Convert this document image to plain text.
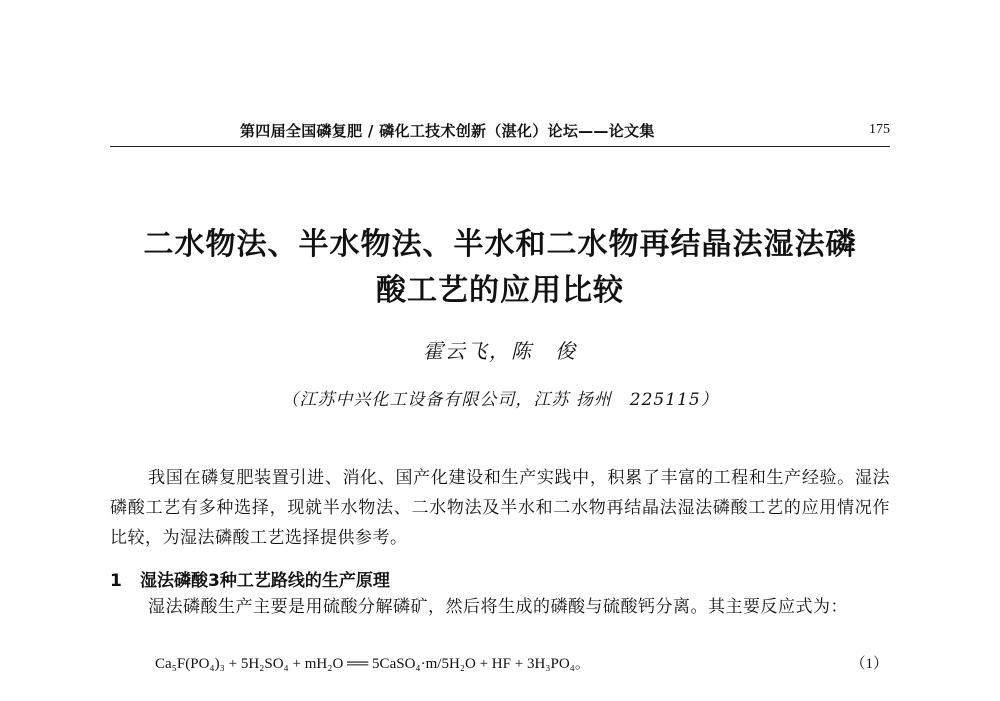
第四届全国磷复肥 / 磷化工技术创新（湛化）论坛——论文集	175
二水物法、半水物法、半水和二水物再结晶法湿法磷
酸工艺的应用比较
霍云飞，陈　俊
（江苏中兴化工设备有限公司，江苏 扬州　225115）
我国在磷复肥装置引进、消化、国产化建设和生产实践中，积累了丰富的工程和生产经验。湿法磷酸工艺有多种选择，现就半水物法、二水物法及半水和二水物再结晶法湿法磷酸工艺的应用情况作比较，为湿法磷酸工艺选择提供参考。
1 湿法磷酸3种工艺路线的生产原理
湿法磷酸生产主要是用硫酸分解磷矿，然后将生成的磷酸与硫酸钙分离。其主要反应式为：
Ca₅F(PO₄)₃ + 5H₂SO₄ + mH₂O ══ 5CaSO₄·m/5H₂O + HF + 3H₃PO₄。	（1）
